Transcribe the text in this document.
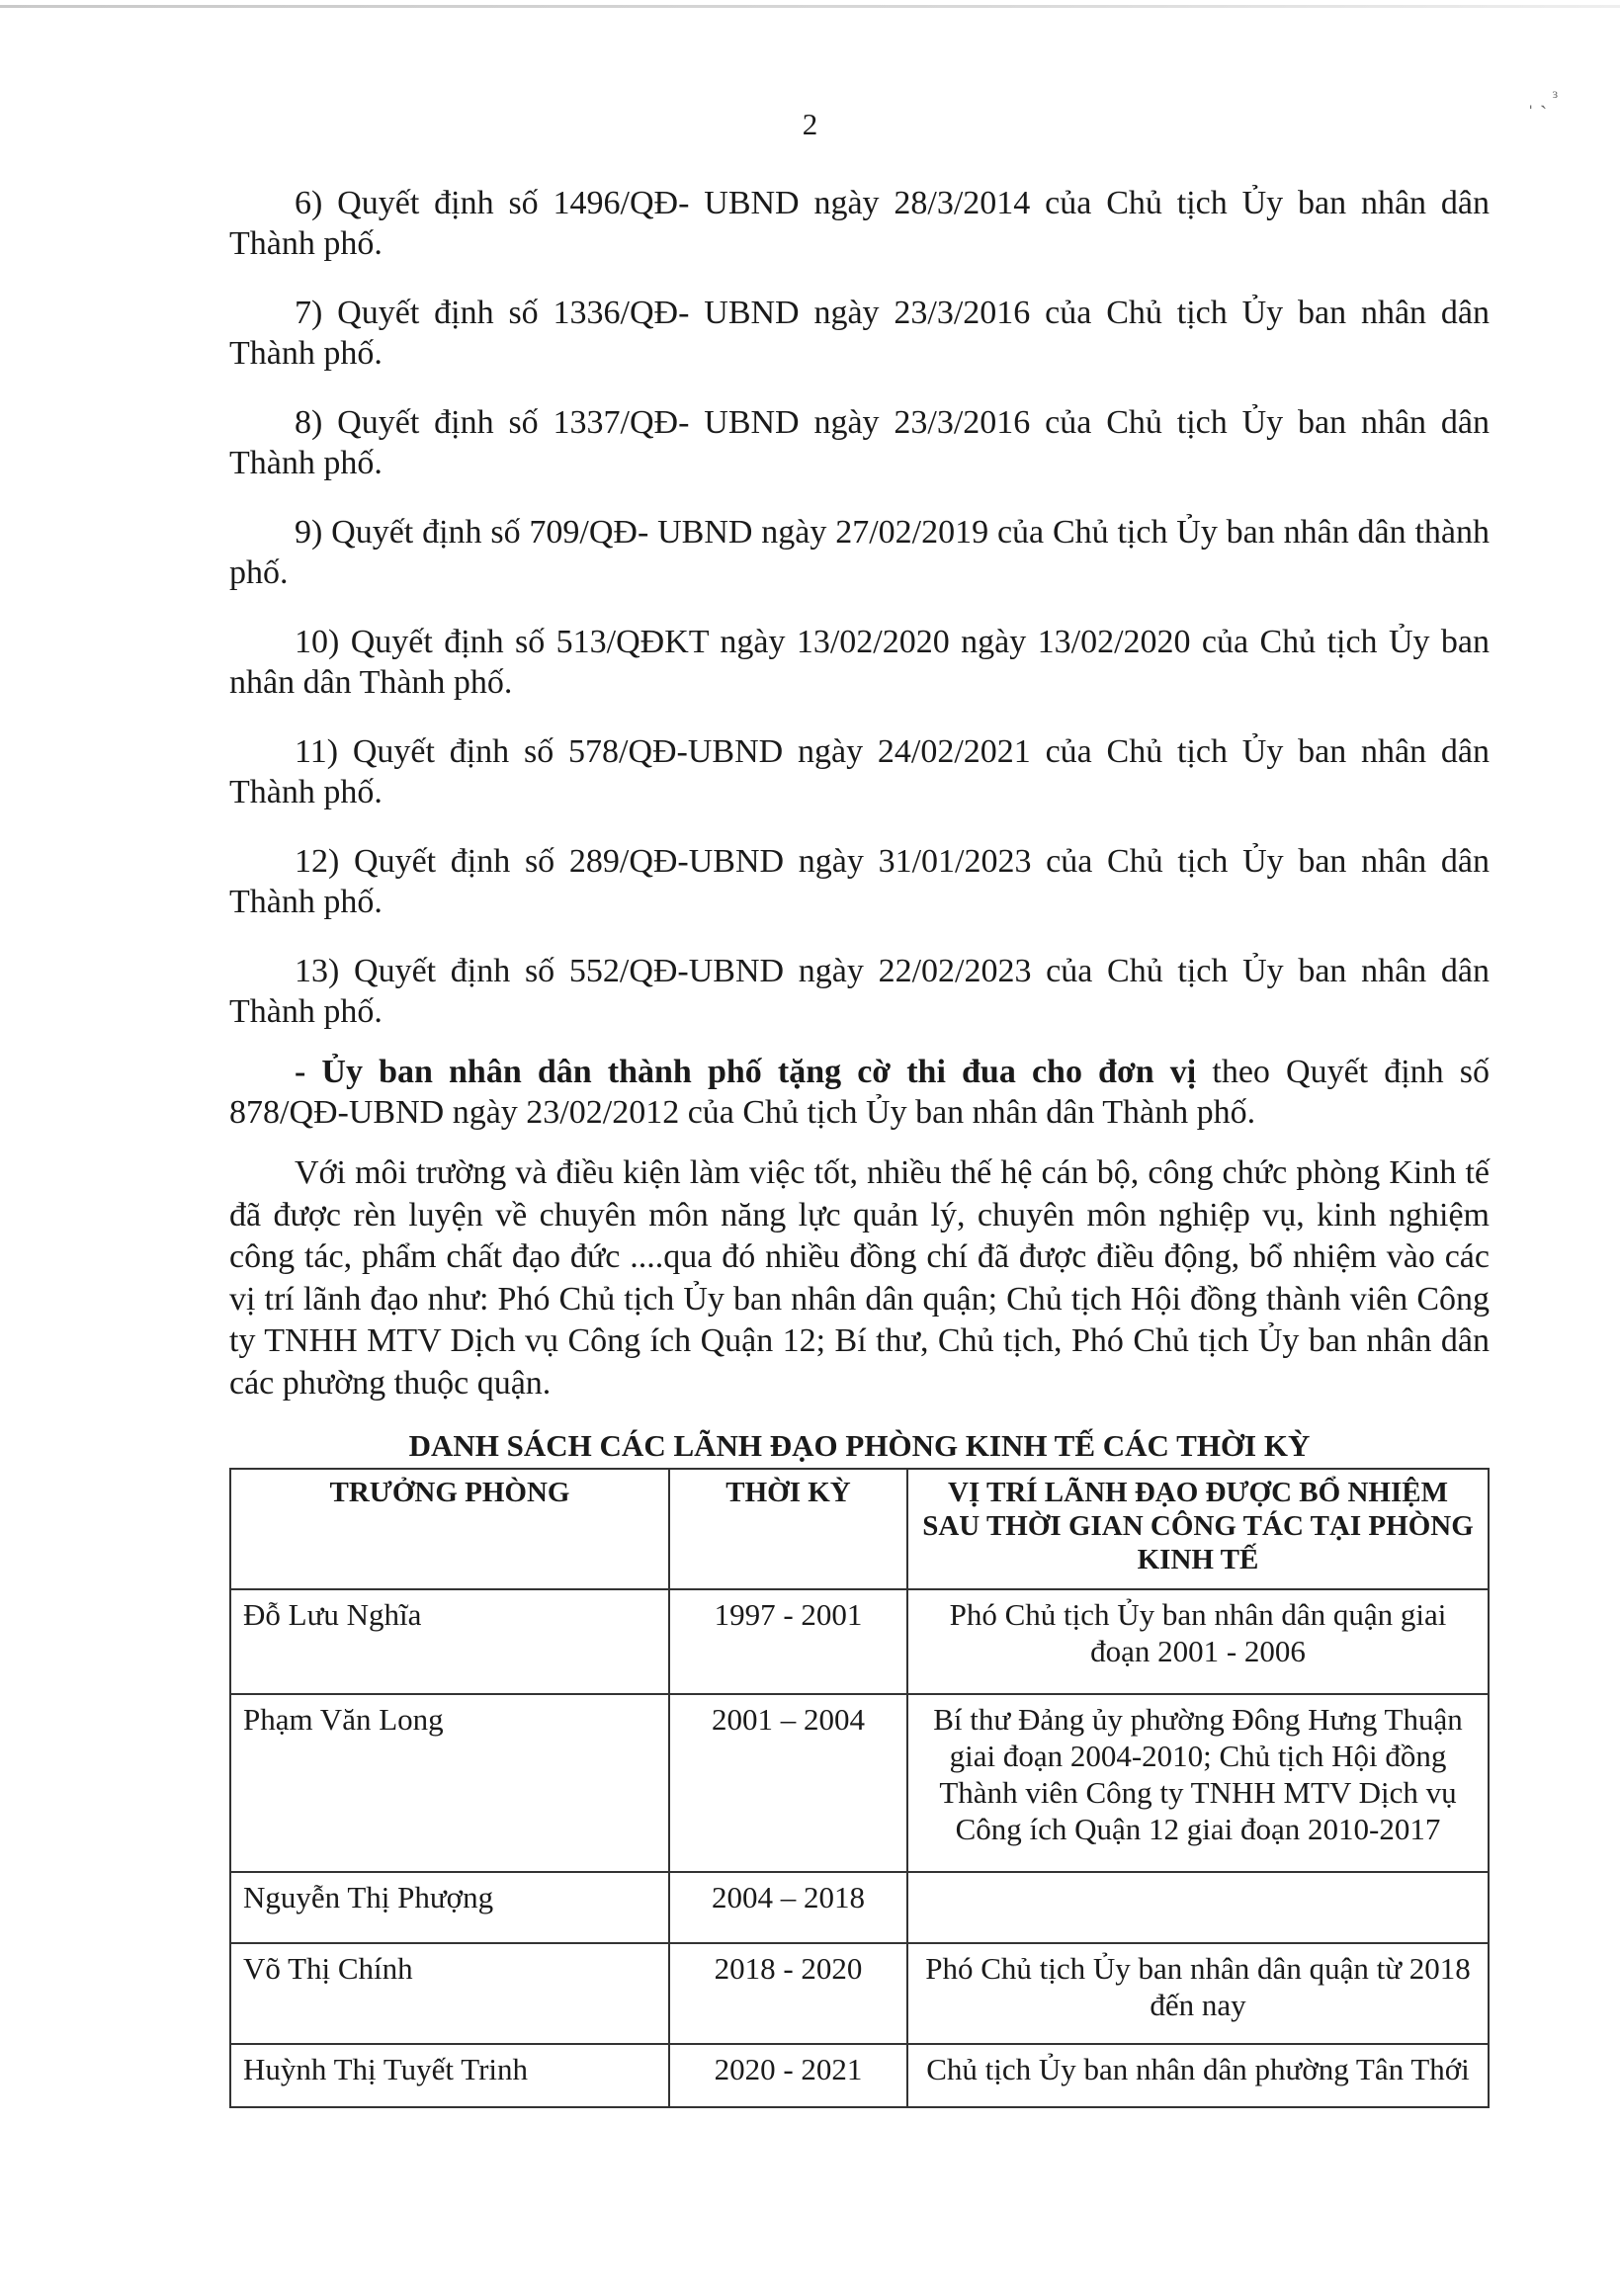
ˌ ˏ ᵌ
2

6) Quyết định số 1496/QĐ- UBND ngày 28/3/2014 của Chủ tịch Ủy ban nhân dân Thành phố.

7) Quyết định số 1336/QĐ- UBND ngày 23/3/2016 của Chủ tịch Ủy ban nhân dân Thành phố.

8) Quyết định số 1337/QĐ- UBND ngày 23/3/2016 của Chủ tịch Ủy ban nhân dân Thành phố.

9) Quyết định số 709/QĐ- UBND ngày 27/02/2019 của Chủ tịch Ủy ban nhân dân thành phố.

10) Quyết định số 513/QĐKT ngày 13/02/2020 ngày 13/02/2020 của Chủ tịch Ủy ban nhân dân Thành phố.

11) Quyết định số 578/QĐ-UBND ngày 24/02/2021 của Chủ tịch Ủy ban nhân dân Thành phố.

12) Quyết định số 289/QĐ-UBND ngày 31/01/2023 của Chủ tịch Ủy ban nhân dân Thành phố.

13) Quyết định số 552/QĐ-UBND ngày 22/02/2023 của Chủ tịch Ủy ban nhân dân Thành phố.

- Ủy ban nhân dân thành phố tặng cờ thi đua cho đơn vị theo Quyết định số 878/QĐ-UBND ngày 23/02/2012 của Chủ tịch Ủy ban nhân dân Thành phố.

Với môi trường và điều kiện làm việc tốt, nhiều thế hệ cán bộ, công chức phòng Kinh tế đã được rèn luyện về chuyên môn năng lực quản lý, chuyên môn nghiệp vụ, kinh nghiệm công tác, phẩm chất đạo đức ....qua đó nhiều đồng chí đã được điều động, bổ nhiệm vào các vị trí lãnh đạo như: Phó Chủ tịch Ủy ban nhân dân quận; Chủ tịch Hội đồng thành viên Công ty TNHH MTV Dịch vụ Công ích Quận 12; Bí thư, Chủ tịch, Phó Chủ tịch Ủy ban nhân dân các phường thuộc quận.

DANH SÁCH CÁC LÃNH ĐẠO PHÒNG KINH TẾ CÁC THỜI KỲ
TRƯỞNG PHÒNG	THỜI KỲ	VỊ TRÍ LÃNH ĐẠO ĐƯỢC BỔ NHIỆM SAU THỜI GIAN CÔNG TÁC TẠI PHÒNG KINH TẾ
Đỗ Lưu Nghĩa	1997 - 2001	Phó Chủ tịch Ủy ban nhân dân quận giai đoạn 2001 - 2006
Phạm Văn Long	2001 – 2004	Bí thư Đảng ủy phường Đông Hưng Thuận giai đoạn 2004-2010; Chủ tịch Hội đồng Thành viên Công ty TNHH MTV Dịch vụ Công ích Quận 12 giai đoạn 2010-2017
Nguyễn Thị Phượng	2004 – 2018	
Võ Thị Chính	2018 - 2020	Phó Chủ tịch Ủy ban nhân dân quận từ 2018 đến nay
Huỳnh Thị Tuyết Trinh	2020 - 2021	Chủ tịch Ủy ban nhân dân phường Tân Thới
